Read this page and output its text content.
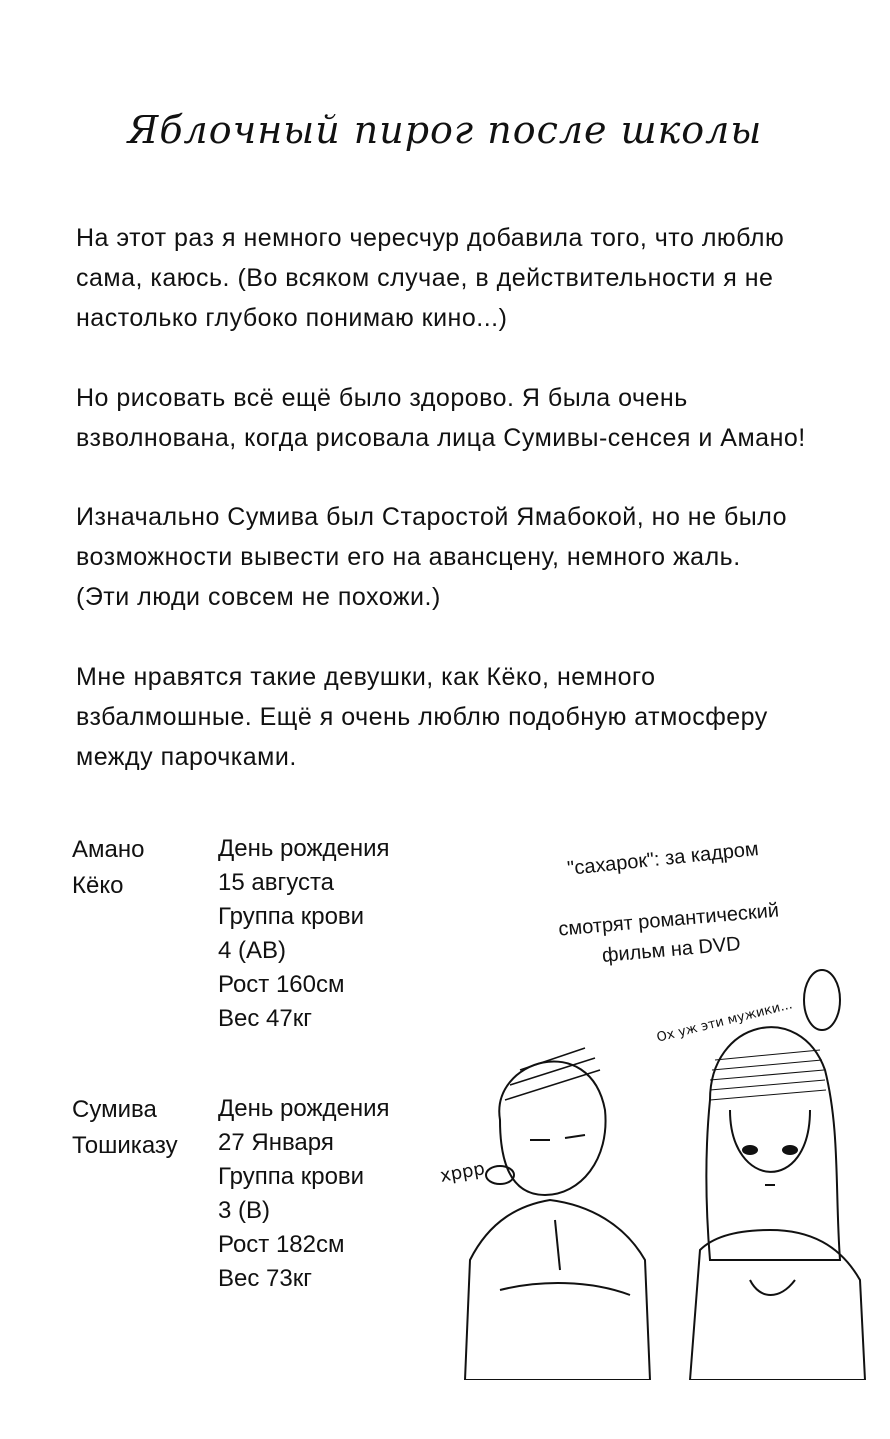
Яблочный пирог после школы
На этот раз я немного чересчур добавила того, что люблю
сама, каюсь. (Во всяком случае, в действительности я не
настолько глубоко понимаю кино...)
Но рисовать всё ещё было здорово. Я была очень
взволнована, когда рисовала лица Сумивы-сенсея и Амано!
Изначально Сумива был Старостой Ямабокой, но не было
возможности вывести его на авансцену, немного жаль.
(Эти люди совсем не похожи.)
Мне нравятся такие девушки, как Кёко, немного
взбалмошные. Ещё я очень люблю подобную атмосферу
между парочками.
Амано
Кёко
День рождения
15 августа
Группа крови
4 (АВ)
Рост 160см
Вес 47кг
Сумива
Тошиказу
День рождения
27 Января
Группа крови
3 (В)
Рост 182см
Вес 73кг
"сахарок": за кадром
смотрят романтический
фильм на DVD
Ох уж эти мужики...
хррр
